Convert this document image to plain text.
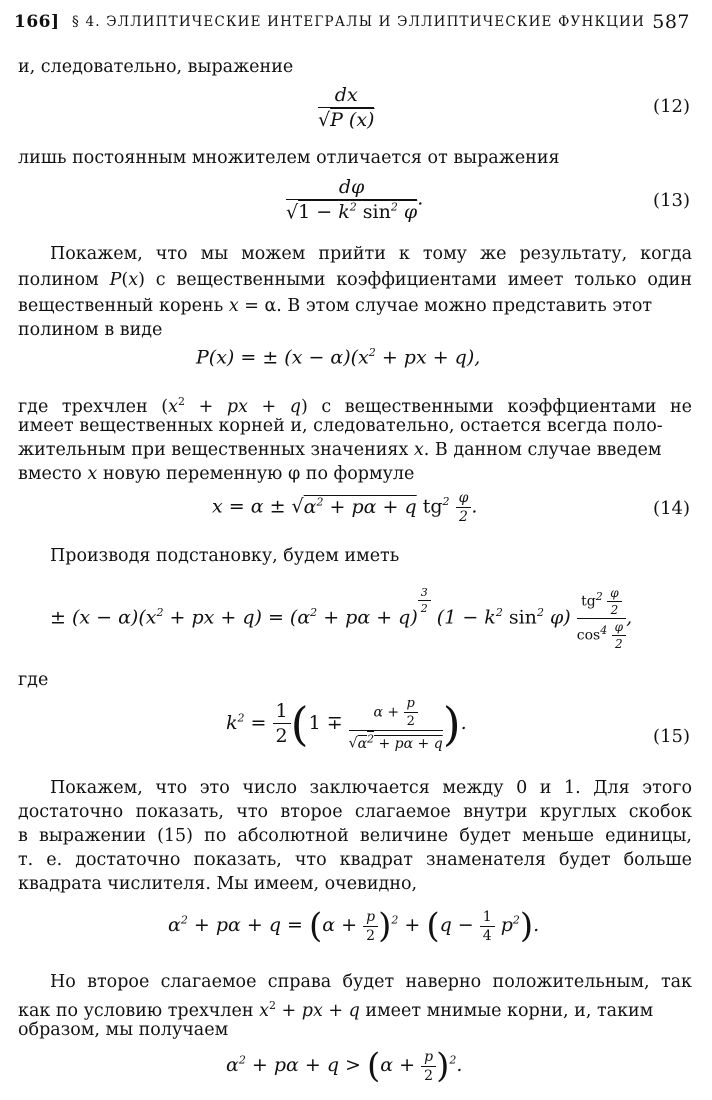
166] § 4. ЭЛЛИПТИЧЕСКИЕ ИНТЕГРАЛЫ И ЭЛЛИПТИЧЕСКИЕ ФУНКЦИИ 587
и, следовательно, выражение
$\frac{dx}{√P (x)}$	(12)
лишь постоянным множителем отличается от выражения
$\frac{d\varphi}{√1 - k^2 \sin^2 \varphi}$ .	(13)
Покажем, что мы можем прийти к тому же результату, когда
полином P(x) с вещественными коэффициентами имеет только один
вещественный корень x = α. В этом случае можно представить этот
полином в виде
P(x) = ± $(x - \alpha)(x^2$ + px + q),
где трехчлен ($x^2$ + px + q) с вещественными коэффциентами не
имеет вещественных корней и, следовательно, остается всегда поло-
жительным при вещественных значениях x. В данном случае введем
вместо x новую переменную φ по формуле
$x = \alpha \pm √\alpha^2 + p\alpha + q$ $tg^2 \frac{\varphi}{2}$ .	(14)
Производя подстановку, будем иметь
± $(x - \alpha)(x^2$ + px + $q) = (\alpha^2 + p\alpha + q)$
$^{\frac{3}{2}}$
($1 - k^2$ $\sin^2 \varphi) \frac{tg^2 \frac{\varphi}{2}}{\cos^4 \frac{\varphi}{2}}$ ,
где
$k^2 = \frac{1}{2} (1 \mp \frac{\alpha + \frac{p}{2}}{√\alpha^2 + p\alpha + q}$ ).
(15)
Покажем, что это число заключается между 0 и 1. Для этого
достаточно показать, что второе слагаемое внутри круглых скобок
в выражении (15) по абсолютной величине будет меньше единицы,
т. е. достаточно показать, что квадрат знаменателя будет больше
квадрата числителя. Мы имеем, очевидно,
$\alpha^2 + p\alpha + q = (\alpha + \frac{p}{2} )^2 + (q - \frac{1}{4} p^2)$.
Но второе слагаемое справа будет наверно положительным, так
как по условию трехчлен $x^2$ + px + q имеет мнимые корни, и, таким
образом, мы получаем
$\alpha^2 + p\alpha + q > (\alpha + \frac{p}{2} )^2$.
